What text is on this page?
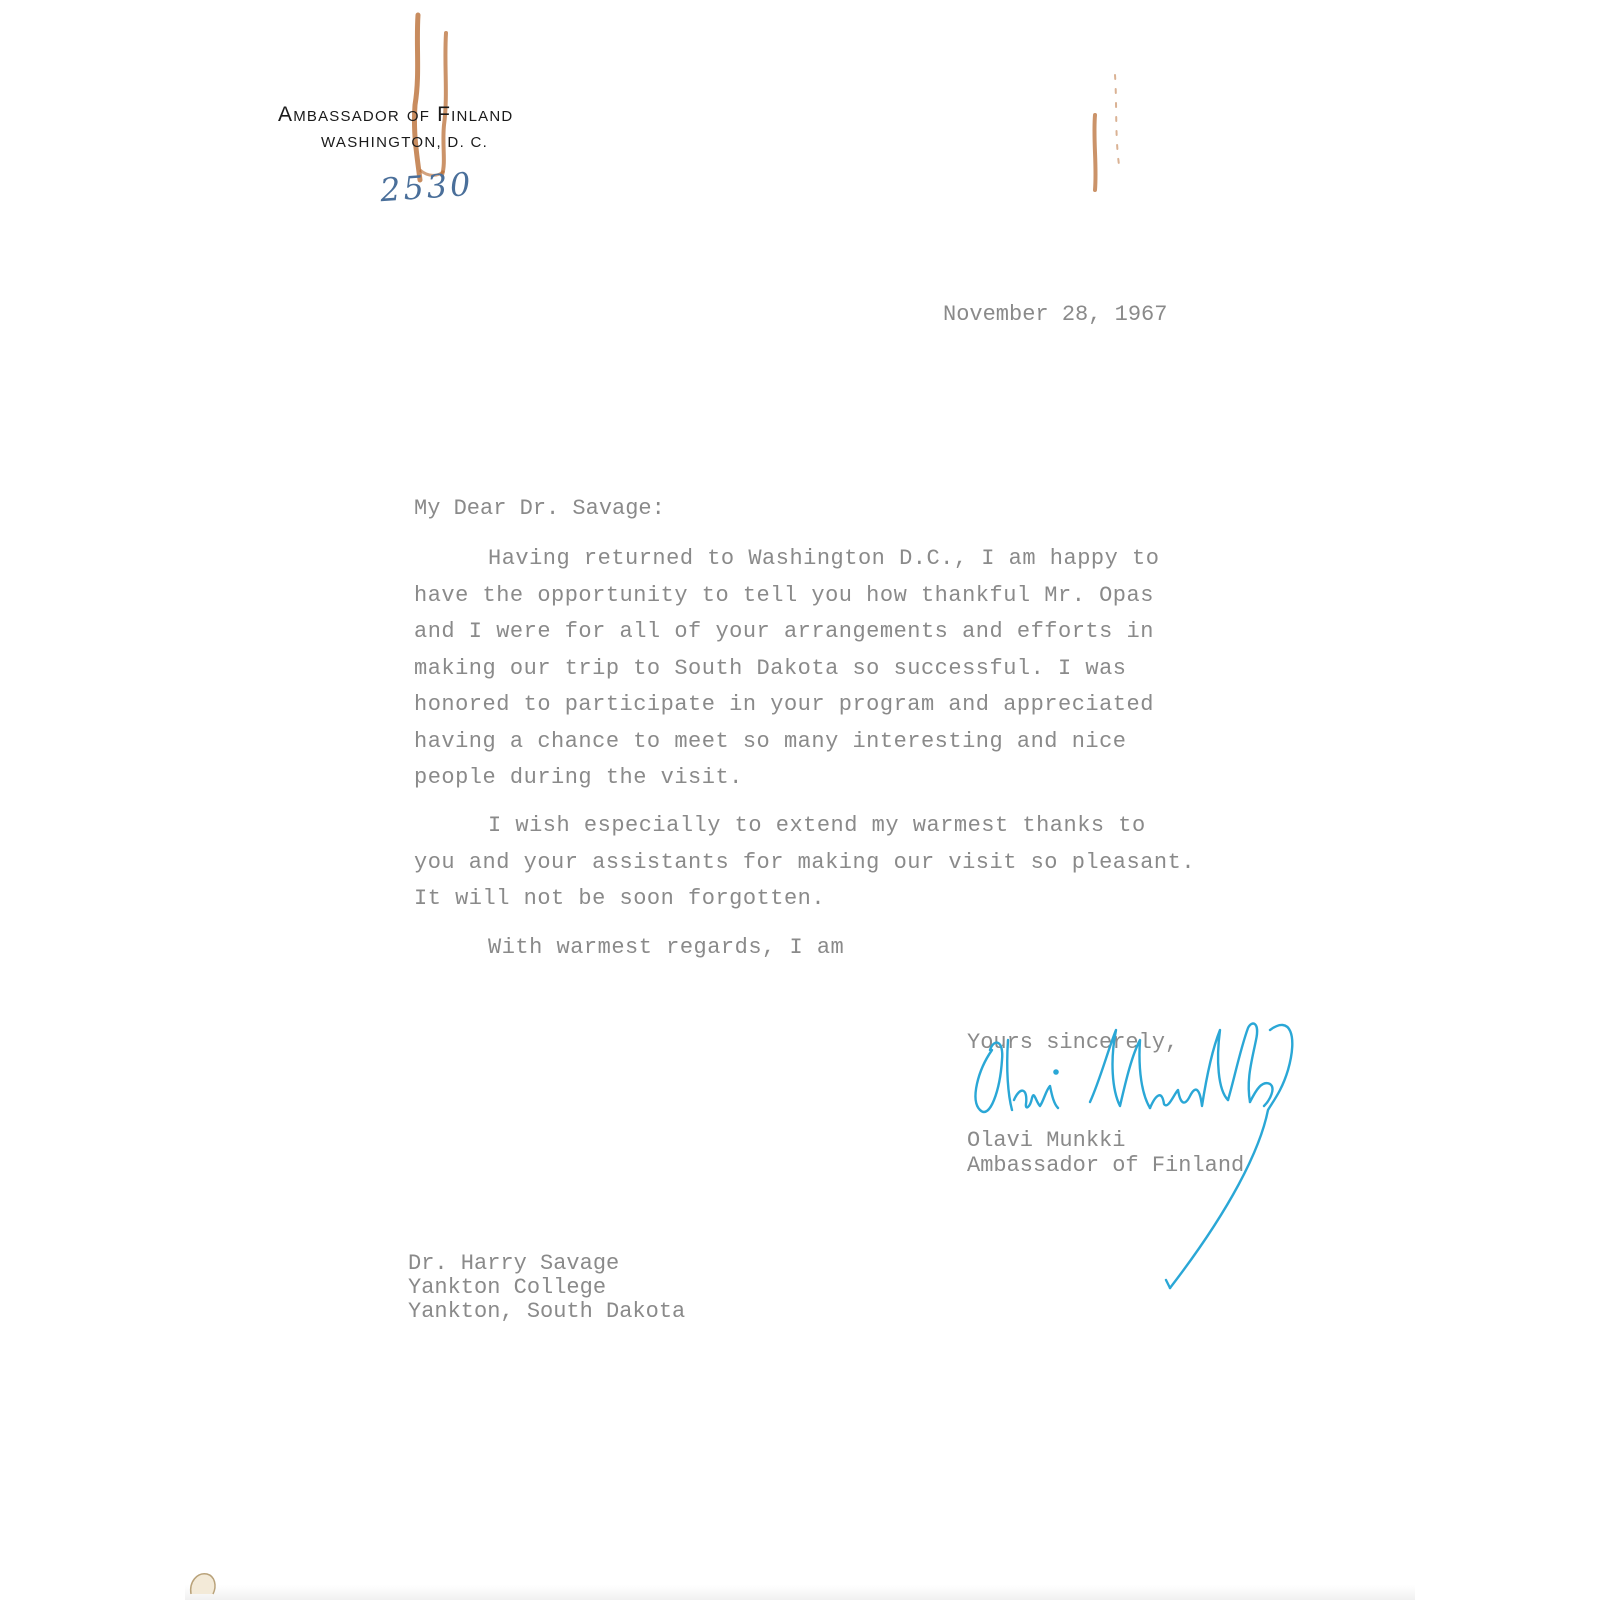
Ambassador of Finland
WASHINGTON, D. C.
2530
November 28, 1967
My Dear Dr. Savage:
Having returned to Washington D.C., I am happy to
have the opportunity to tell you how thankful Mr. Opas
and I were for all of your arrangements and efforts in
making our trip to South Dakota so successful. I was
honored to participate in your program and appreciated
having a chance to meet so many interesting and nice
people during the visit.
I wish especially to extend my warmest thanks to
you and your assistants for making our visit so pleasant.
It will not be soon forgotten.
With warmest regards, I am
Yours sincerely,
Olavi Munkki
Ambassador of Finland
Dr. Harry Savage
Yankton College
Yankton, South Dakota
